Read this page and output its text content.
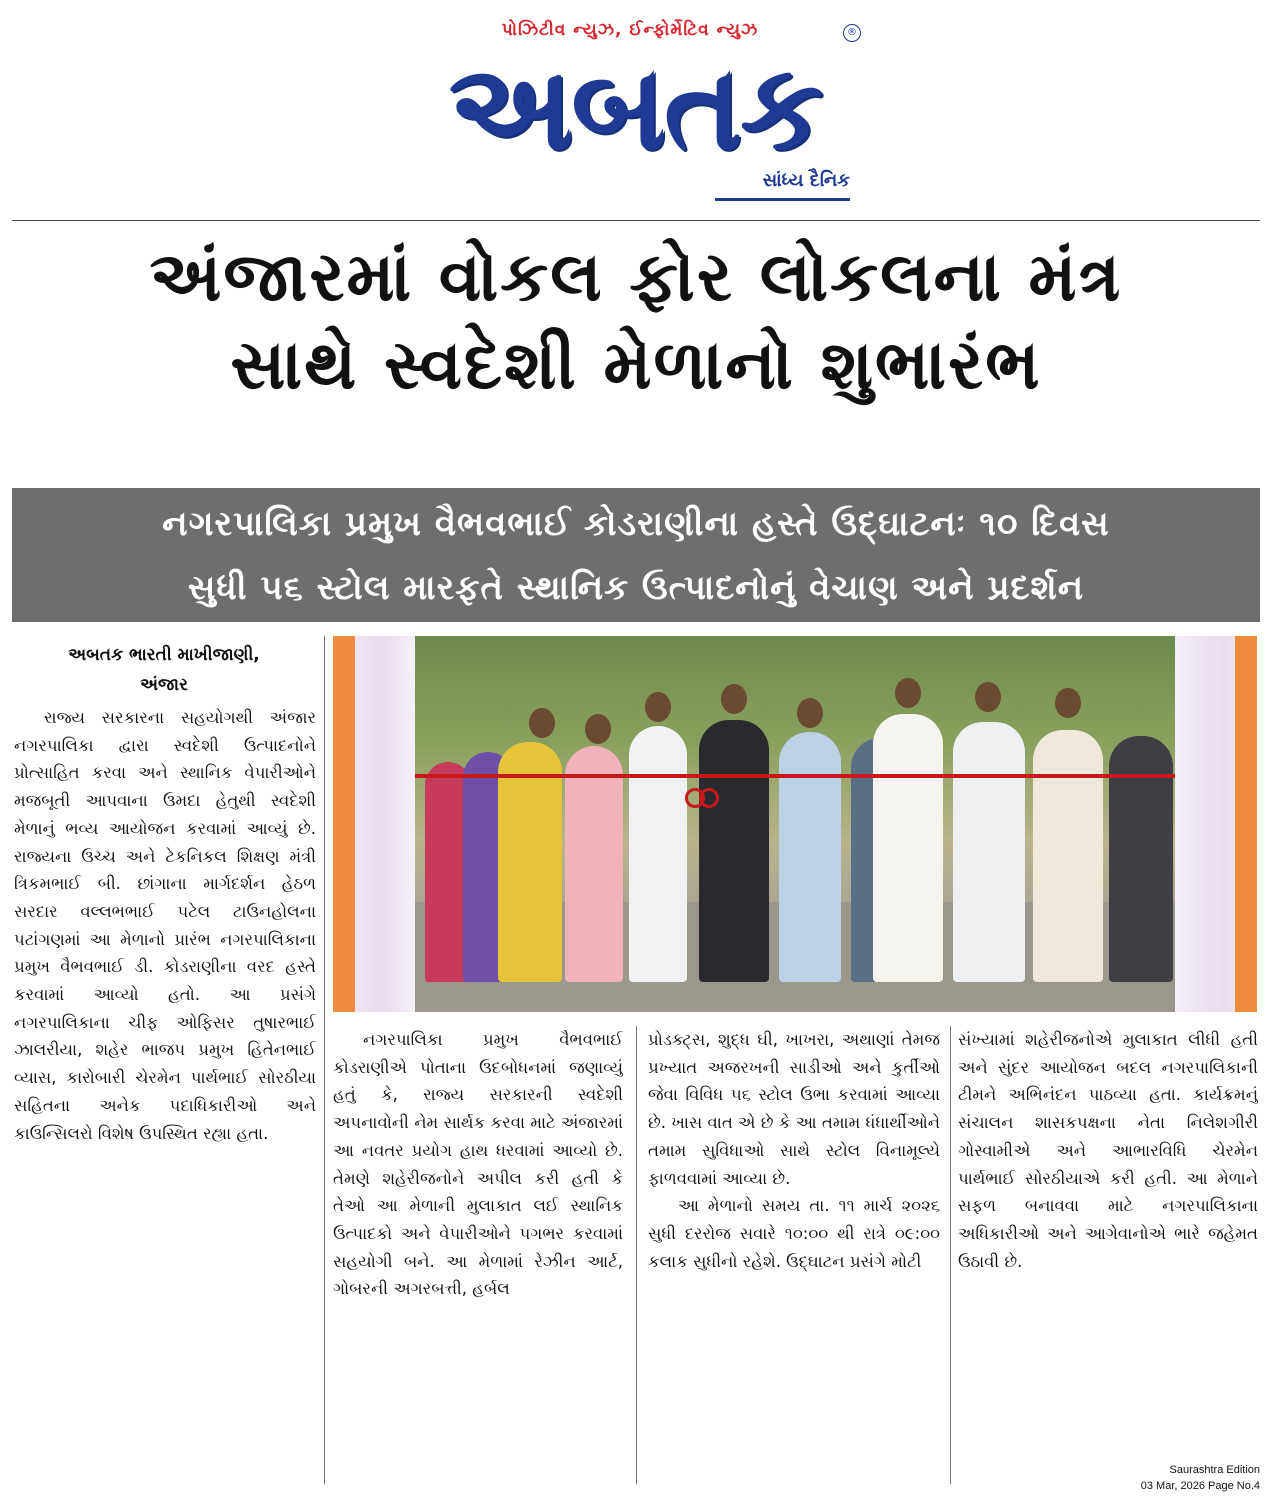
પોઝિટીવ ન્યુઝ, ઈન્ફોર્મેટિવ ન્યુઝ	®
અબતક
સાંધ્ય દૈનિક
અંજારમાં વોકલ ફોર લોકલના મંત્ર
સાથે સ્વદેશી મેળાનો શુભારંભ
નગરપાલિકા પ્રમુખ વૈભવભાઈ કોડરાણીના હસ્તે ઉદ્ઘાટનઃ ૧૦ દિવસ
સુધી ૫૬ સ્ટોલ મારફતે સ્થાનિક ઉત્પાદનોનું વેચાણ અને પ્રદર્શન
અબતક ભારતી માખીજાણી,
અંજાર

રાજ્ય સરકારના સહયોગથી અંજાર નગરપાલિકા દ્વારા સ્વદેશી ઉત્પાદનોને પ્રોત્સાહિત કરવા અને સ્થાનિક વેપારીઓને મજબૂતી આપવાના ઉમદા હેતુથી સ્વદેશી મેળાનું ભવ્ય આયોજન કરવામાં આવ્યું છે. રાજ્યના ઉચ્ચ અને ટેકનિકલ શિક્ષણ મંત્રી ત્રિકમભાઈ બી. છાંગાના માર્ગદર્શન હેઠળ સરદાર વલ્લભભાઈ પટેલ ટાઉનહોલના પટાંગણમાં આ મેળાનો પ્રારંભ નગરપાલિકાના પ્રમુખ વૈભવભાઈ ડી. કોડરાણીના વરદ હસ્તે કરવામાં આવ્યો હતો. આ પ્રસંગે નગરપાલિકાના ચીફ ઓફિસર તુષારભાઈ ઝાલરીયા, શહેર ભાજપ પ્રમુખ હિતેનભાઈ વ્યાસ, કારોબારી ચેરમેન પાર્થભાઈ સોરઠીયા સહિતના અનેક પદાધિકારીઓ અને કાઉન્સિલરો વિશેષ ઉપસ્થિત રહ્યા હતા.

નગરપાલિકા પ્રમુખ વૈભવભાઈ કોડરાણીએ પોતાના ઉદબોધનમાં જણાવ્યું હતું કે, રાજ્ય સરકારની સ્વદેશી અપનાવોની નેમ સાર્થક કરવા માટે અંજારમાં આ નવતર પ્રયોગ હાથ ધરવામાં આવ્યો છે. તેમણે શહેરીજનોને અપીલ કરી હતી કે તેઓ આ મેળાની મુલાકાત લઈ સ્થાનિક ઉત્પાદકો અને વેપારીઓને પગભર કરવામાં સહયોગી બને. આ મેળામાં રેઝીન આર્ટ, ગોબરની અગરબત્તી, હર્બલ

પ્રોડક્ટ્સ, શુદ્ધ ઘી, ખાખરા, અથાણાં તેમજ પ્રખ્યાત અજરખની સાડીઓ અને કુર્તીઓ જેવા વિવિધ ૫૬ સ્ટોલ ઉભા કરવામાં આવ્યા છે. ખાસ વાત એ છે કે આ તમામ ધંધાર્થીઓને તમામ સુવિધાઓ સાથે સ્ટોલ વિનામૂલ્યે ફાળવવામાં આવ્યા છે.

આ મેળાનો સમય તા. ૧૧ માર્ચ ૨૦૨૬ સુધી દરરોજ સવારે ૧૦:૦૦ થી રાત્રે ૦૯:૦૦ કલાક સુધીનો રહેશે. ઉદ્ઘાટન પ્રસંગે મોટી

સંખ્યામાં શહેરીજનોએ મુલાકાત લીધી હતી અને સુંદર આયોજન બદલ નગરપાલિકાની ટીમને અભિનંદન પાઠવ્યા હતા. કાર્યક્રમનું સંચાલન શાસકપક્ષના નેતા નિલેશગીરી ગોસ્વામીએ અને આભારવિધિ ચેરમેન પાર્થભાઈ સોરઠીયાએ કરી હતી. આ મેળાને સફળ બનાવવા માટે નગરપાલિકાના અધિકારીઓ અને આગેવાનોએ ભારે જહેમત ઉઠાવી છે.

Saurashtra Edition
03 Mar, 2026 Page No.4
